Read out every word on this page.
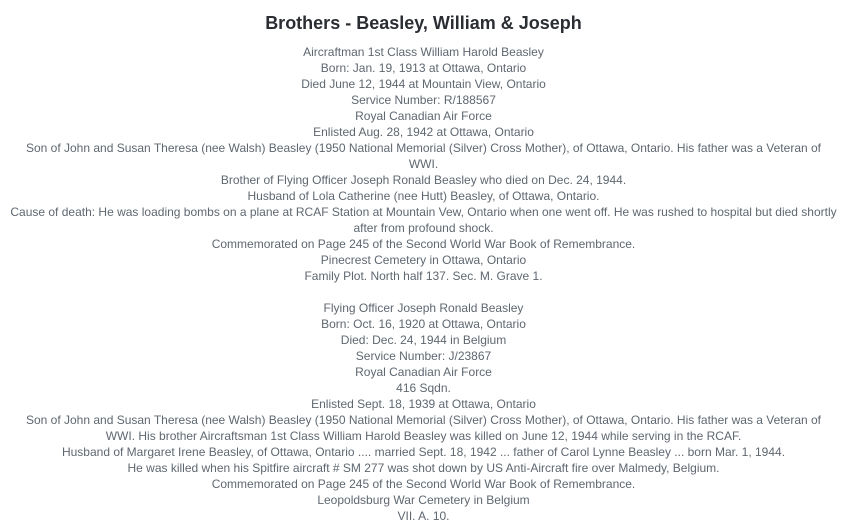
Brothers - Beasley, William & Joseph

Aircraftman 1st Class William Harold Beasley

Born: Jan. 19, 1913 at Ottawa, Ontario

Died June 12, 1944 at Mountain View, Ontario

Service Number: R/188567

Royal Canadian Air Force

Enlisted Aug. 28, 1942 at Ottawa, Ontario

Son of John and Susan Theresa (nee Walsh) Beasley (1950 National Memorial (Silver) Cross Mother), of Ottawa, Ontario. His father was a Veteran of WWI.

Brother of Flying Officer Joseph Ronald Beasley who died on Dec. 24, 1944.

Husband of Lola Catherine (nee Hutt) Beasley, of Ottawa, Ontario.

Cause of death: He was loading bombs on a plane at RCAF Station at Mountain Vew, Ontario when one went off. He was rushed to hospital but died shortly after from profound shock.

Commemorated on Page 245 of the Second World War Book of Remembrance.

Pinecrest Cemetery in Ottawa, Ontario

Family Plot. North half 137. Sec. M. Grave 1.

Flying Officer Joseph Ronald Beasley

Born: Oct. 16, 1920 at Ottawa, Ontario

Died: Dec. 24, 1944 in Belgium

Service Number: J/23867

Royal Canadian Air Force

416 Sqdn.

Enlisted Sept. 18, 1939 at Ottawa, Ontario

Son of John and Susan Theresa (nee Walsh) Beasley (1950 National Memorial (Silver) Cross Mother), of Ottawa, Ontario. His father was a Veteran of WWI. His brother Aircraftsman 1st Class William Harold Beasley was killed on June 12, 1944 while serving in the RCAF.

Husband of Margaret Irene Beasley, of Ottawa, Ontario .... married Sept. 18, 1942 ... father of Carol Lynne Beasley ... born Mar. 1, 1944.

He was killed when his Spitfire aircraft # SM 277 was shot down by US Anti-Aircraft fire over Malmedy, Belgium.

Commemorated on Page 245 of the Second World War Book of Remembrance.

Leopoldsburg War Cemetery in Belgium

VII. A. 10.
